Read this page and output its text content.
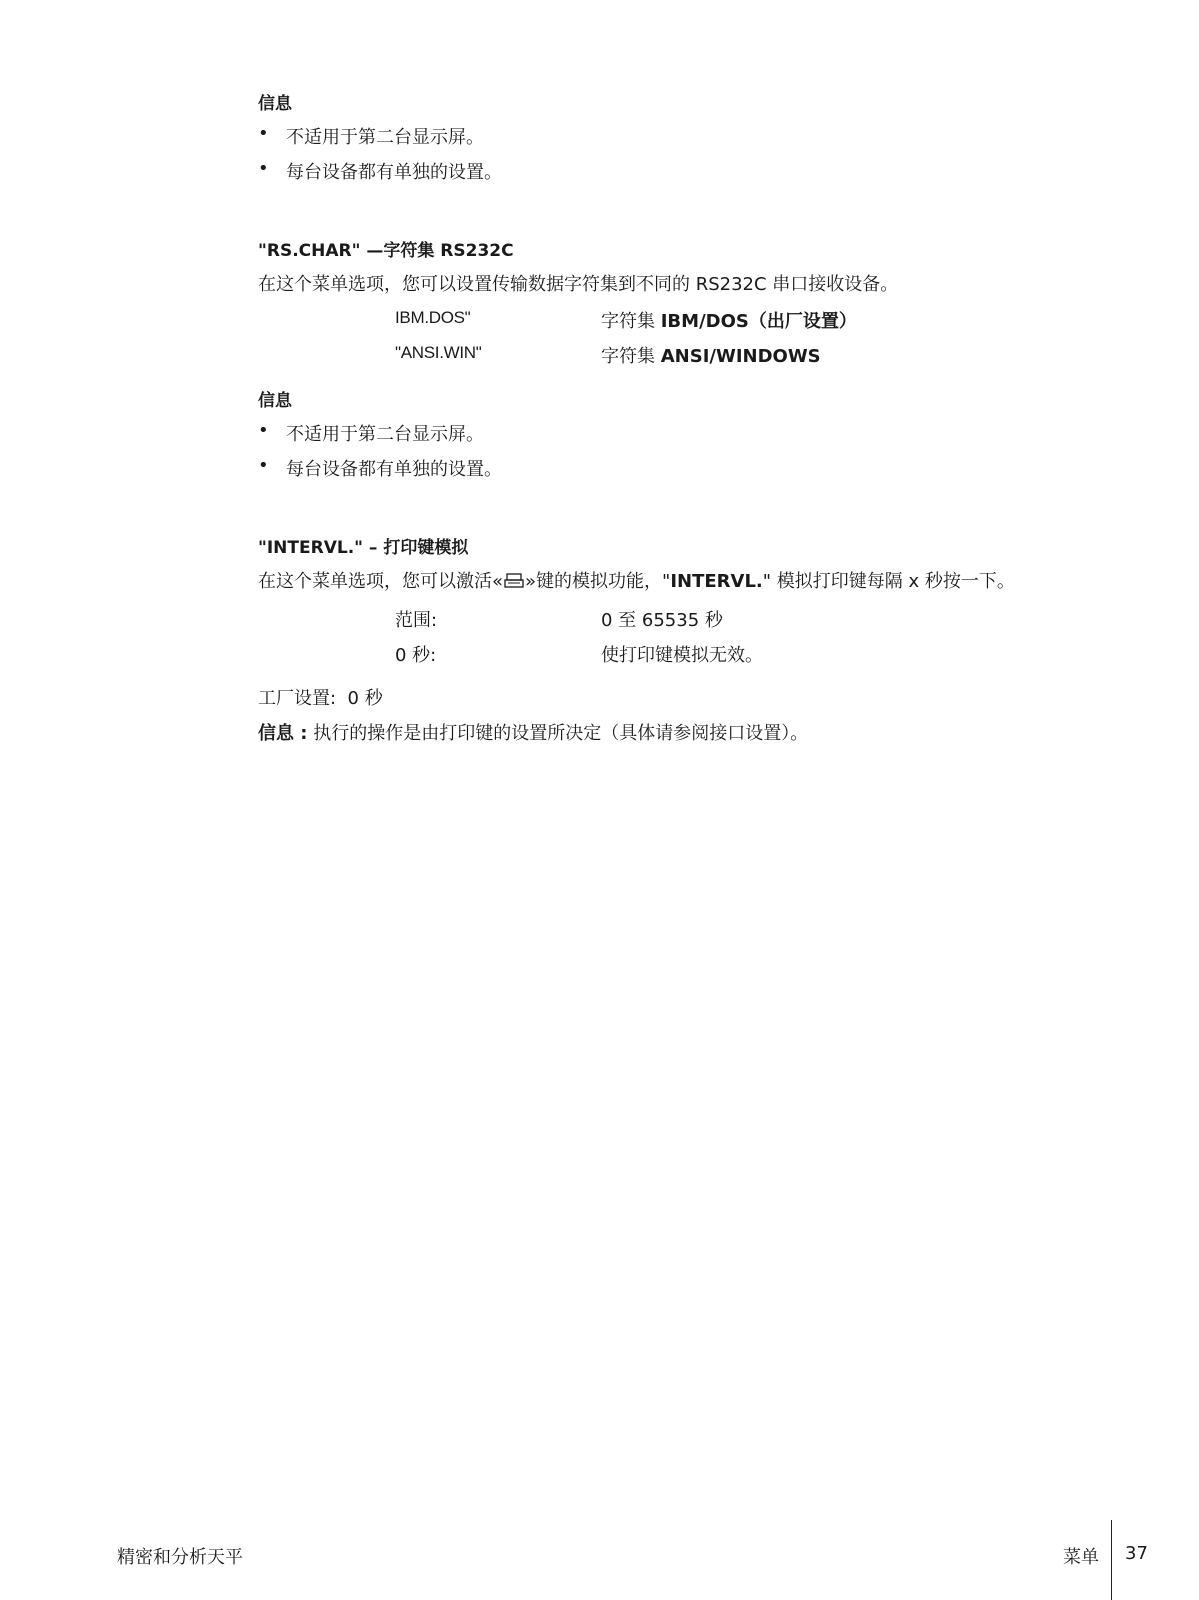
信息
• 不适用于第二台显示屏。
• 每台设备都有单独的设置。
"RS.CHAR" —字符集 RS232C
在这个菜单选项，您可以设置传输数据字符集到不同的 RS232C 串口接收设备。
IBM.DOS"	字符集 IBM/DOS（出厂设置）
"ANSI.WIN"	字符集 ANSI/WINDOWS
信息
• 不适用于第二台显示屏。
• 每台设备都有单独的设置。
"INTERVL." – 打印键模拟
在这个菜单选项，您可以激活« »键的模拟功能，"INTERVL." 模拟打印键每隔 x 秒按一下。
范围:	0 至 65535 秒
0 秒:	使打印键模拟无效。
工厂设置: 0 秒
信息 : 执行的操作是由打印键的设置所决定（具体请参阅接口设置）。
精密和分析天平	菜单 37
